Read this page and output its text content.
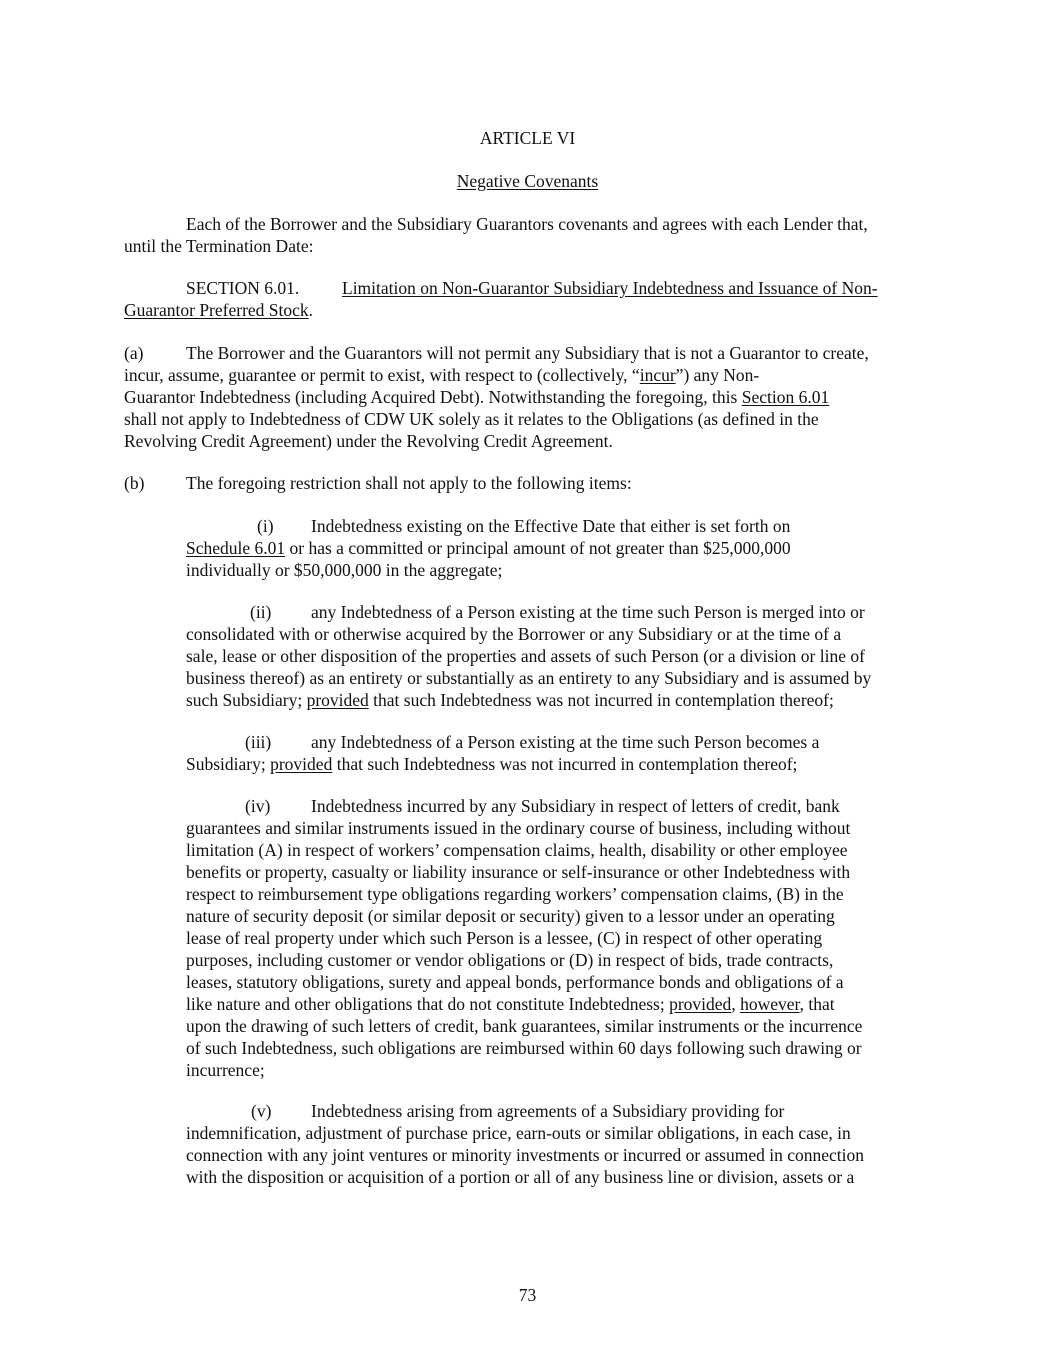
ARTICLE VI
Negative Covenants
Each of the Borrower and the Subsidiary Guarantors covenants and agrees with each Lender that,
until the Termination Date:
SECTION 6.01. Limitation on Non-Guarantor Subsidiary Indebtedness and Issuance of Non-
Guarantor Preferred Stock.
(a) The Borrower and the Guarantors will not permit any Subsidiary that is not a Guarantor to create,
incur, assume, guarantee or permit to exist, with respect to (collectively, “incur”) any Non-
Guarantor Indebtedness (including Acquired Debt). Notwithstanding the foregoing, this Section 6.01
shall not apply to Indebtedness of CDW UK solely as it relates to the Obligations (as defined in the
Revolving Credit Agreement) under the Revolving Credit Agreement.
(b) The foregoing restriction shall not apply to the following items:
(i) Indebtedness existing on the Effective Date that either is set forth on
Schedule 6.01 or has a committed or principal amount of not greater than $25,000,000
individually or $50,000,000 in the aggregate;
(ii) any Indebtedness of a Person existing at the time such Person is merged into or
consolidated with or otherwise acquired by the Borrower or any Subsidiary or at the time of a
sale, lease or other disposition of the properties and assets of such Person (or a division or line of
business thereof) as an entirety or substantially as an entirety to any Subsidiary and is assumed by
such Subsidiary; provided that such Indebtedness was not incurred in contemplation thereof;
(iii) any Indebtedness of a Person existing at the time such Person becomes a
Subsidiary; provided that such Indebtedness was not incurred in contemplation thereof;
(iv) Indebtedness incurred by any Subsidiary in respect of letters of credit, bank
guarantees and similar instruments issued in the ordinary course of business, including without
limitation (A) in respect of workers’ compensation claims, health, disability or other employee
benefits or property, casualty or liability insurance or self-insurance or other Indebtedness with
respect to reimbursement type obligations regarding workers’ compensation claims, (B) in the
nature of security deposit (or similar deposit or security) given to a lessor under an operating
lease of real property under which such Person is a lessee, (C) in respect of other operating
purposes, including customer or vendor obligations or (D) in respect of bids, trade contracts,
leases, statutory obligations, surety and appeal bonds, performance bonds and obligations of a
like nature and other obligations that do not constitute Indebtedness; provided, however, that
upon the drawing of such letters of credit, bank guarantees, similar instruments or the incurrence
of such Indebtedness, such obligations are reimbursed within 60 days following such drawing or
incurrence;
(v) Indebtedness arising from agreements of a Subsidiary providing for
indemnification, adjustment of purchase price, earn-outs or similar obligations, in each case, in
connection with any joint ventures or minority investments or incurred or assumed in connection
with the disposition or acquisition of a portion or all of any business line or division, assets or a
73
